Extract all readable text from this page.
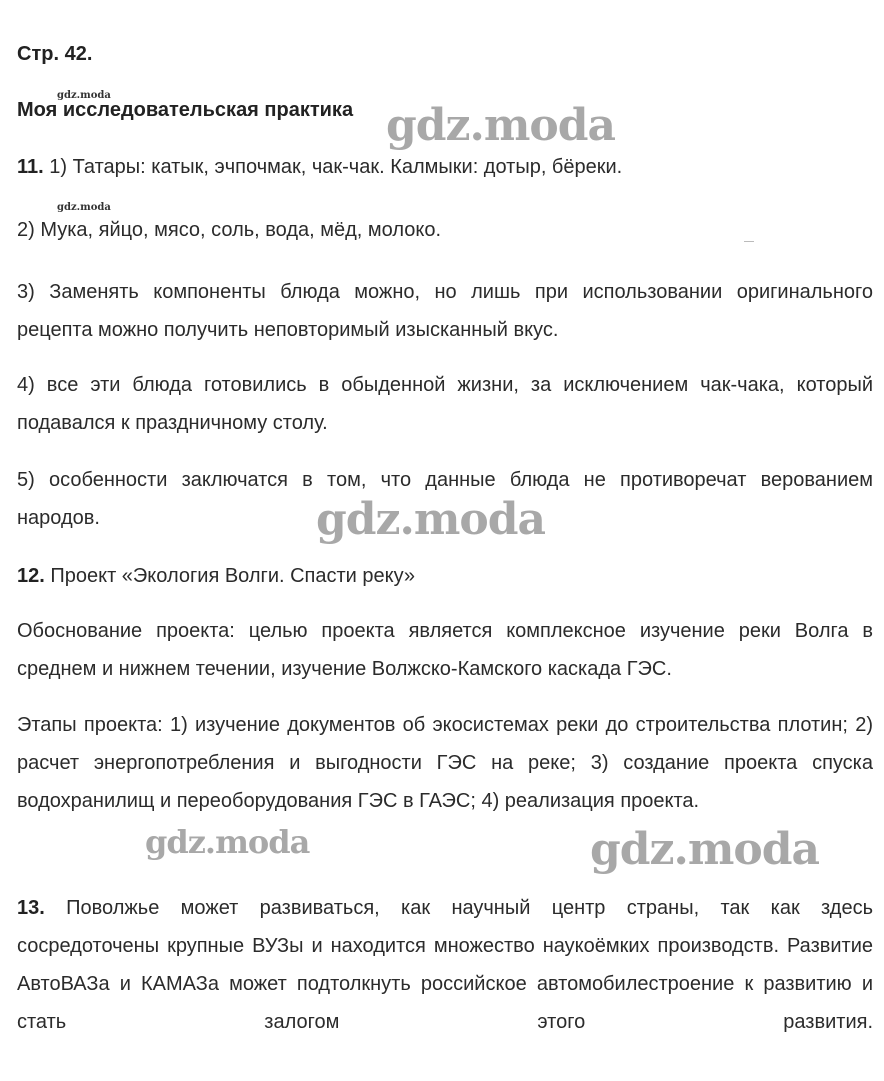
Стр. 42.

gdz.moda

Моя исследовательская практика gdz.moda

11. 1) Татары: катык, эчпочмак, чак-чак. Калмыки: дотыр, бёреки.

gdz.moda

2) Мука, яйцо, мясо, соль, вода, мёд, молоко.

3) Заменять компоненты блюда можно, но лишь при использовании оригинального рецепта можно получить неповторимый изысканный вкус.

4) все эти блюда готовились в обыденной жизни, за исключением чак-чака, который подавался к праздничному столу.

5) особенности заключатся в том, что данные блюда не противоречат верованием народов.	gdz.moda

12. Проект «Экология Волги. Спасти реку»

Обоснование проекта: целью проекта является комплексное изучение реки Волга в среднем и нижнем течении, изучение Волжско-Камского каскада ГЭС.

Этапы проекта: 1) изучение документов об экосистемах реки до строительства плотин; 2) расчет энергопотребления и выгодности ГЭС на реке; 3) создание проекта спуска водохранилищ и переоборудования ГЭС в ГАЭС; 4) реализация проекта.

gdz.moda	gdz.moda

13. Поволжье может развиваться, как научный центр страны, так как здесь сосредоточены крупные ВУЗы и находится множество наукоёмких производств. Развитие АвтоВАЗа и КАМАЗа может подтолкнуть российское автомобилестроение к развитию и стать залогом этого развития.
